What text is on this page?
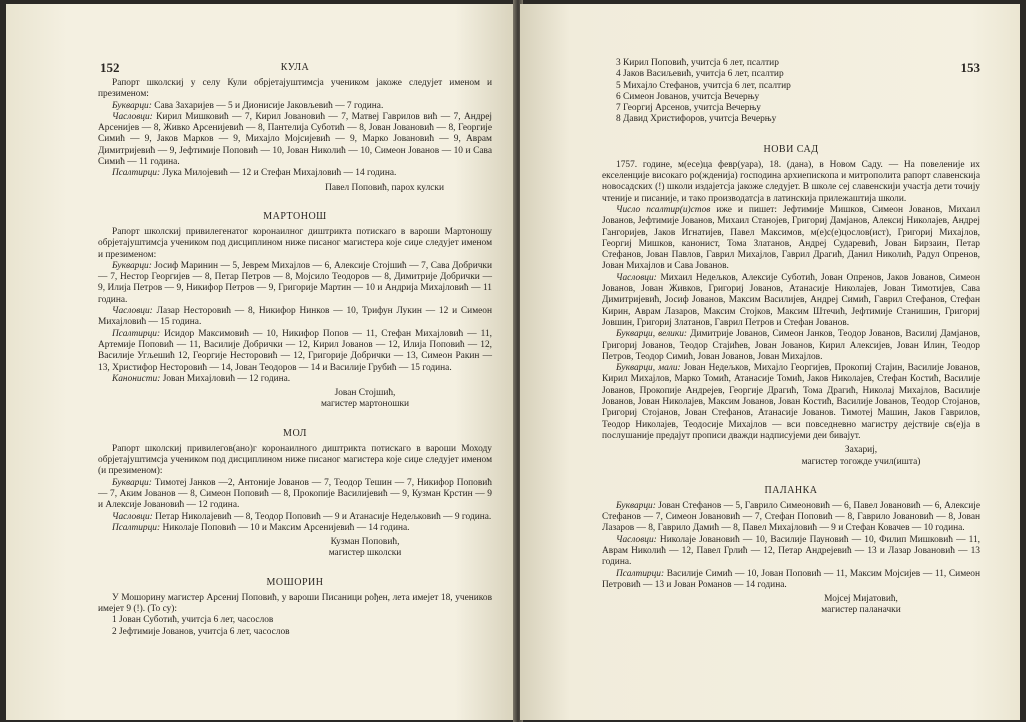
152	КУЛА

Рапорт школскиј у селу Кули обрјетајуштимсја учеником јакоже следујет именом и презименом:

Букварци: Сава Захаријев — 5 и Дионисије Јаковљевић — 7 година.

Часловци: Кирил Мишковић — 7, Кирил Јовановић — 7, Матвеј Гаврилов вић — 7, Андреј Арсенијев — 8, Живко Арсенијевић — 8, Пантелија Суботић — 8, Јован Јовановић — 8, Георгије Симић — 9, Јаков Марков — 9, Михајло Мојсијевић — 9, Марко Јовановић — 9, Аврам Димитријевић — 9, Јефтимије Поповић — 10, Јован Николић — 10, Симеон Јованов — 10 и Сава Симић — 11 година.

Псалтирци: Лука Милојевић — 12 и Стефан Михајловић — 14 година.

Павел Поповић, парох кулски
МАРТОНОШ

Рапорт школскиј привилегенатог коронаилног диштрикта потискаго в вароши Мартоношу обрјетајуштимсја учеником под дисциплином ниже писаног магистера које сиџе следујет именом и презименом:

Букварци: Јосиф Маринин — 5, Јеврем Михајлов — 6, Алексије Стојшић — 7, Сава Добрички — 7, Нестор Георгијев — 8, Петар Петров — 8, Мојсило Теодоров — 8, Димитрије Добрички — 9, Илија Петров — 9, Никифор Петров — 9, Григорије Мартин — 10 и Андрија Михајловић — 11 година.

Часловци: Лазар Несторовић — 8, Никифор Нинков — 10, Трифун Лукин — 12 и Симеон Михајловић — 15 година.

Псалтирци: Исидор Максимовић — 10, Никифор Попов — 11, Стефан Михајловић — 11, Артемије Поповић — 11, Василије Добрички — 12, Кирил Јованов — 12, Илија Поповић — 12, Василије Угљешић 12, Георгије Несторовић — 12, Григорије Добрички — 13, Симеон Ракин — 13, Христифор Несторовић — 14, Јован Теодоров — 14 и Василије Грубић — 15 година.

Канонисти: Јован Михајловић — 12 година.

Јован Стојшић,
магистер мартоношки
МОЛ

Рапорт школскиј привилегов(ано)г коронаилного диштрикта потискаго в вароши Моходу обрјетајуштимсја учеником под дисциплином ниже писаног магистера које сиџе следујет именом (и презименом):

Букварци: Тимотеј Јанков —2, Антоније Јованов — 7, Теодор Тешин — 7, Никифор Поповић — 7, Аким Јованов — 8, Симеон Поповић — 8, Прокопије Василијевић — 9, Кузман Крстин — 9 и Алексије Јовановић — 12 година.

Часловци: Петар Николајевић — 8, Теодор Поповић — 9 и Атанасије Недељковић — 9 година.

Псалтирци: Николаје Поповић — 10 и Максим Арсенијевић — 14 година.

Кузман Поповић,
магистер школски
МОШОРИН

У Мошорину магистер Арсениј Поповић, у вароши Писаници рођен, лета имејет 18, учеников имејет 9 (!). (То су):

1 Јован Суботић, учитсја 6 лет, часослов
2 Јефтимије Јованов, учитсја 6 лет, часослов
153
3 Кирил Поповић, учитсја 6 лет, псалтир
4 Јаков Васиљевић, учитсја 6 лет, псалтир
5 Михајло Стефанов, учитсја 6 лет, псалтир
6 Симеон Јованов, учитсја Вечерњу
7 Георгиј Арсенов, учитсја Вечерњу
8 Давид Христифоров, учитсја Вечерњу
НОВИ САД

1757. године, м(есе)ца февр(уара), 18. (дана), в Новом Саду. — На повеленије их екселенције високаго ро(жденија) господина архиепископа и митрополита рапорт славенскија новосадских (!) школи издајетсја јакоже следујет. В школе сеј славенскији участја дети точију чтеније и писаније, и тако производатсја в латинскија прилежаштија школи.

Число псалтир(и)стов иже и пишет: Јефтимије Мишков, Симеон Јованов, Михаил Јованов, Јефтимије Јованов, Михаил Станојев, Григориј Дамјанов, Алексиј Николајев, Андреј Гангоријев, Јаков Игнатијев, Павел Максимов, м(е)с(е)цослов(ист), Григориј Михајлов, Георгиј Мишков, канонист, Тома Златанов, Андреј Сударевић, Јован Бирзаин, Петар Стефанов, Јован Павлов, Гаврил Михајлов, Гаврил Драгић, Данил Николић, Радул Опренов, Јован Михајлов и Сава Јованов.

Часловци: Михаил Недељков, Алексије Суботић, Јован Опренов, Јаков Јованов, Симеон Јованов, Јован Живков, Григориј Јованов, Атанасије Николајев, Јован Тимотијев, Сава Димитријевић, Јосиф Јованов, Максим Василијев, Андреј Симић, Гаврил Стефанов, Стефан Кирин, Аврам Лазаров, Максим Стојков, Максим Штечић, Јефтимије Станишин, Григориј Јовшин, Григориј Златанов, Гаврил Петров и Стефан Јованов.

Букварци, велики: Димитрије Јованов, Симеон Јанков, Теодор Јованов, Василиј Дамјанов, Григориј Јованов, Теодор Стајићев, Јован Јованов, Кирил Алексијев, Јован Илин, Теодор Петров, Теодор Симић, Јован Јованов, Јован Михајлов.

Букварци, мали: Јован Недељков, Михајло Георгијев, Прокопиј Стајин, Василије Јованов, Кирил Михајлов, Марко Томић, Атанасије Томић, Јаков Николајев, Стефан Костић, Василије Јованов, Прокопије Андрејев, Георгије Драгић, Тома Драгић, Николај Михајлов, Василије Јованов, Јован Николајев, Максим Јованов, Јован Костић, Василије Јованов, Теодор Стојанов, Григориј Стојанов, Јован Стефанов, Атанасије Јованов. Тимотеј Машин, Јаков Гаврилов, Теодор Николајев, Теодосије Михајлов — вси повседневно магистру дејствије св(е)ја в послушаније предајут прописи дважди надписујеми деи бивајут.

Захариј,
магистер тогожде учил(ишта)
ПАЛАНКА

Букварци: Јован Стефанов — 5, Гаврило Симеоновић — 6, Павел Јовановић — 6, Алексије Стефанов — 7, Симеон Јовановић — 7, Стефан Поповић — 8, Гаврило Јовановић — 8, Јован Лазаров — 8, Гаврило Дамић — 8, Павел Михајловић — 9 и Стефан Ковачев — 10 година.

Часловци: Николаје Јовановић — 10, Василије Пауновић — 10, Филип Мишковић — 11, Аврам Николић — 12, Павел Грлић — 12, Петар Андрејевић — 13 и Лазар Јовановић — 13 година.

Псалтирци: Василије Симић — 10, Јован Поповић — 11, Максим Мојсијев — 11, Симеон Петровић — 13 и Јован Романов — 14 година.

Мојсеј Мијатовић,
магистер паланачки
